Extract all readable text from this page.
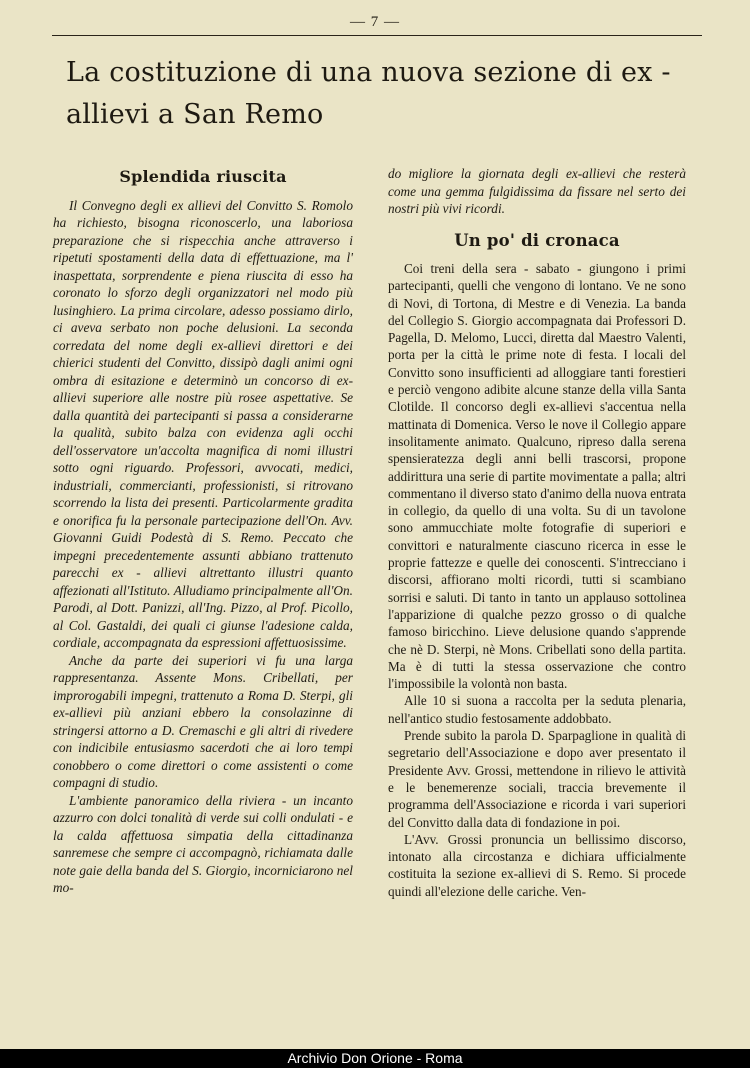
— 7 —
La costituzione di una nuova sezione di ex - allievi a San Remo
Splendida riuscita

Il Convegno degli ex allievi del Convitto S. Romolo ha richiesto, bisogna riconoscerlo, una laboriosa preparazione che si rispecchia anche attraverso i ripetuti spostamenti della data di effettuazione, ma l' inaspettata, sorprendente e piena riuscita di esso ha coronato lo sforzo degli organizzatori nel modo più lusinghiero. La prima circolare, adesso possiamo dirlo, ci aveva serbato non poche delusioni. La seconda corredata del nome degli ex-allievi direttori e dei chierici studenti del Convitto, dissipò dagli animi ogni ombra di esitazione e determinò un concorso di ex-allievi superiore alle nostre più rosee aspettative. Se dalla quantità dei partecipanti si passa a considerarne la qualità, subito balza con evidenza agli occhi dell'osservatore un'accolta magnifica di nomi illustri sotto ogni riguardo. Professori, avvocati, medici, industriali, commercianti, professionisti, si ritrovano scorrendo la lista dei presenti. Particolarmente gradita e onorifica fu la personale partecipazione dell'On. Avv. Giovanni Guidi Podestà di S. Remo. Peccato che impegni precedentemente assunti abbiano trattenuto parecchi ex - allievi altrettanto illustri quanto affezionati all'Istituto. Alludiamo principalmente all'On. Parodi, al Dott. Panizzi, all'Ing. Pizzo, al Prof. Picollo, al Col. Gastaldi, dei quali ci giunse l'adesione calda, cordiale, accompagnata da espressioni affettuosissime.

Anche da parte dei superiori vi fu una larga rappresentanza. Assente Mons. Cribellati, per improrogabili impegni, trattenuto a Roma D. Sterpi, gli ex-allievi più anziani ebbero la consolazinne di stringersi attorno a D. Cremaschi e gli altri di rivedere con indicibile entusiasmo sacerdoti che ai loro tempi conobbero o come direttori o come assistenti o come compagni di studio.

L'ambiente panoramico della riviera - un incanto azzurro con dolci tonalità di verde sui colli ondulati - e la calda affettuosa simpatia della cittadinanza sanremese che sempre ci accompagnò, richiamata dalle note gaie della banda del S. Giorgio, incorniciarono nel mo-

do migliore la giornata degli ex-allievi che resterà come una gemma fulgidissima da fissare nel serto dei nostri più vivi ricordi.

Un po' di cronaca

Coi treni della sera - sabato - giungono i primi partecipanti, quelli che vengono di lontano. Ve ne sono di Novi, di Tortona, di Mestre e di Venezia. La banda del Collegio S. Giorgio accompagnata dai Professori D. Pagella, D. Melomo, Lucci, diretta dal Maestro Valenti, porta per la città le prime note di festa. I locali del Convitto sono insufficienti ad alloggiare tanti forestieri e perciò vengono adibite alcune stanze della villa Santa Clotilde. Il concorso degli ex-allievi s'accentua nella mattinata di Domenica. Verso le nove il Collegio appare insolitamente animato. Qualcuno, ripreso dalla serena spensieratezza degli anni belli trascorsi, propone addirittura una serie di partite movimentate a palla; altri commentano il diverso stato d'animo della nuova entrata in collegio, da quello di una volta. Su di un tavolone sono ammucchiate molte fotografie di superiori e convittori e naturalmente ciascuno ricerca in esse le proprie fattezze e quelle dei conoscenti. S'intrecciano i discorsi, affiorano molti ricordi, tutti si scambiano sorrisi e saluti. Di tanto in tanto un applauso sottolinea l'apparizione di qualche pezzo grosso o di qualche famoso biricchino. Lieve delusione quando s'apprende che nè D. Sterpi, nè Mons. Cribellati sono della partita. Ma è di tutti la stessa osservazione che contro l'impossibile la volontà non basta.

Alle 10 si suona a raccolta per la seduta plenaria, nell'antico studio festosamente addobbato.

Prende subito la parola D. Sparpaglione in qualità di segretario dell'Associazione e dopo aver presentato il Presidente Avv. Grossi, mettendone in rilievo le attività e le benemerenze sociali, traccia brevemente il programma dell'Associazione e ricorda i vari superiori del Convitto dalla data di fondazione in poi.

L'Avv. Grossi pronuncia un bellissimo discorso, intonato alla circostanza e dichiara ufficialmente costituita la sezione ex-allievi di S. Remo. Si procede quindi all'elezione delle cariche. Ven-

Archivio Don Orione - Roma
